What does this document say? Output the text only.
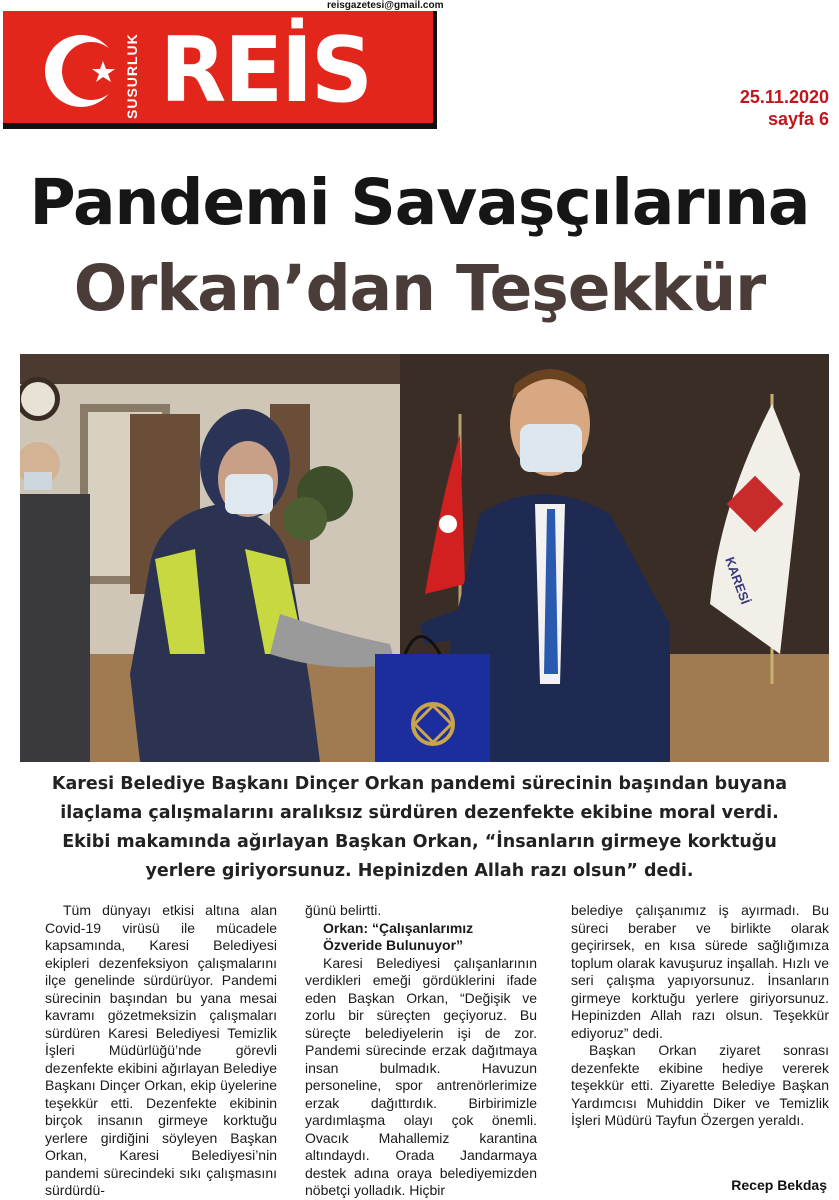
reisgazetesi@gmail.com
SUSURLUK REİS	25.11.2020
sayfa 6
Pandemi Savaşçılarına
Orkan’dan Teşekkür
KARESİ
Karesi Belediye Başkanı Dinçer Orkan pandemi sürecinin başından buyana
ilaçlama çalışmalarını aralıksız sürdüren dezenfekte ekibine moral verdi.
Ekibi makamında ağırlayan Başkan Orkan, “İnsanların girmeye korktuğu
yerlere giriyorsunuz. Hepinizden Allah razı olsun” dedi.

Tüm dünyayı etkisi altına alan Covid-19 virüsü ile mücadele kapsamında, Karesi Belediyesi ekipleri dezenfeksiyon çalışmalarını ilçe genelinde sürdürüyor. Pandemi sürecinin başından bu yana mesai kavramı gözetmeksizin çalışmaları sürdüren Karesi Belediyesi Temizlik İşleri Müdürlüğü’nde görevli dezenfekte ekibini ağırlayan Belediye Başkanı Dinçer Orkan, ekip üyelerine teşekkür etti. Dezenfekte ekibinin birçok insanın girmeye korktuğu yerlere girdiğini söyleyen Başkan Orkan, Karesi Belediyesi’nin pandemi sürecindeki sıkı çalışmasını sürdürdü-

ğünü belirtti.

Orkan: “Çalışanlarımız
Özveride Bulunuyor”

Karesi Belediyesi çalışanlarının verdikleri emeği gördüklerini ifade eden Başkan Orkan, “Değişik ve zorlu bir süreçten geçiyoruz. Bu süreçte belediyelerin işi de zor. Pandemi sürecinde erzak dağıtmaya insan bulmadık. Havuzun personeline, spor antrenörlerimize erzak dağıttırdık. Birbirimizle yardımlaşma olayı çok önemli. Ovacık Mahallemiz karantina altındaydı. Orada Jandarmaya destek adına oraya belediyemizden nöbetçi yolladık. Hiçbir

belediye çalışanımız iş ayırmadı. Bu süreci beraber ve birlikte olarak geçirirsek, en kısa sürede sağlığımıza toplum olarak kavuşuruz inşallah. Hızlı ve seri çalışma yapıyorsunuz. İnsanların girmeye korktuğu yerlere giriyorsunuz. Hepinizden Allah razı olsun. Teşekkür ediyoruz” dedi.

Başkan Orkan ziyaret sonrası dezenfekte ekibine hediye vererek teşekkür etti. Ziyarette Belediye Başkan Yardımcısı Muhiddin Diker ve Temizlik İşleri Müdürü Tayfun Özergen yeraldı.

Recep Bekdaş
